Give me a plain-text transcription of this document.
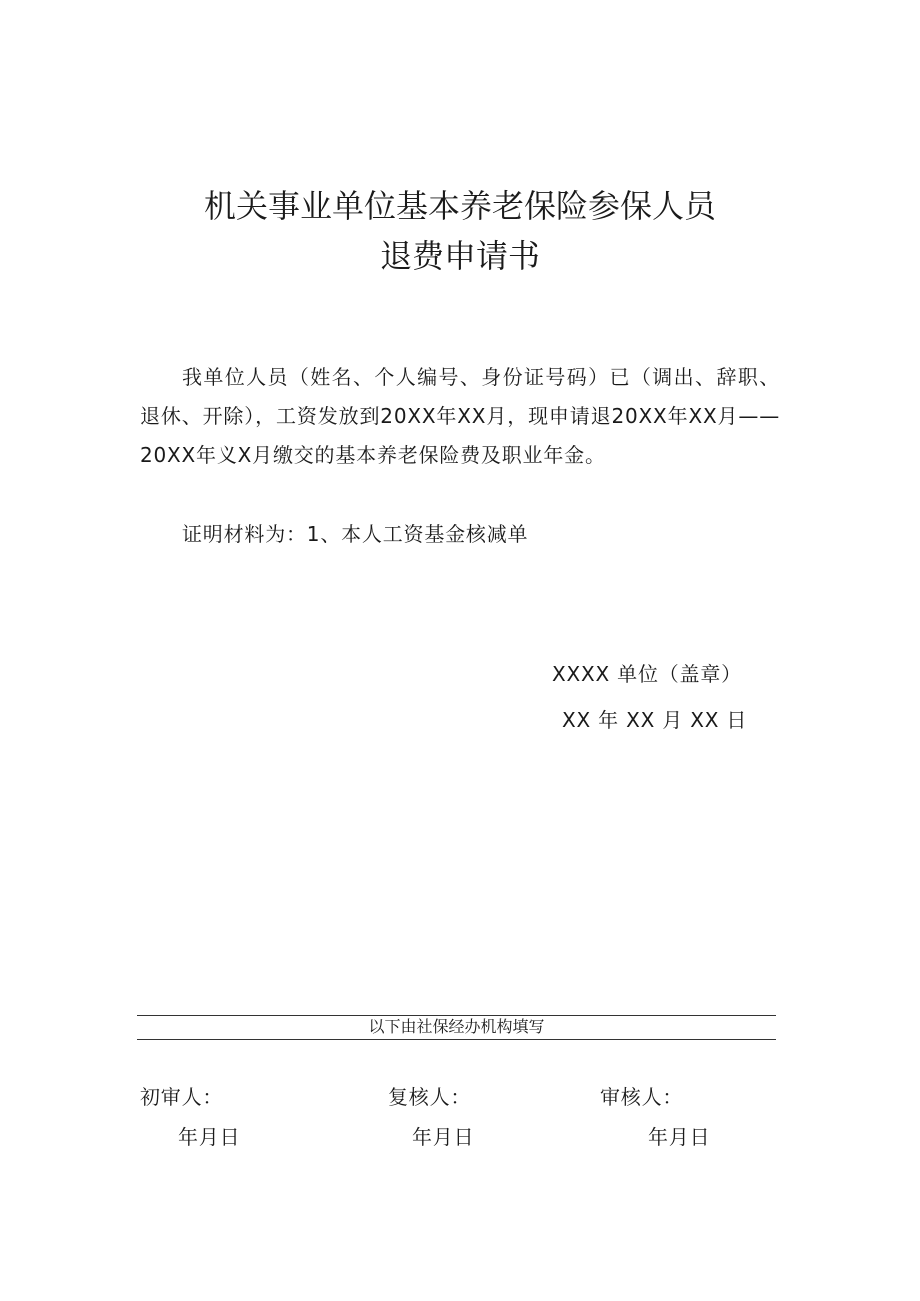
机关事业单位基本养老保险参保人员
退费申请书

我单位人员（姓名、个人编号、身份证号码）已（调出、辞职、退休、开除），工资发放到20XX年XX月，现申请退20XX年XX月——20XX年义X月缴交的基本养老保险费及职业年金。

证明材料为：1、本人工资基金核减单

XXXX 单位（盖章）
XX 年 XX 月 XX 日
以下由社保经办机构填写
初审人：	复核人：	审核人：
年月日	年月日	年月日
